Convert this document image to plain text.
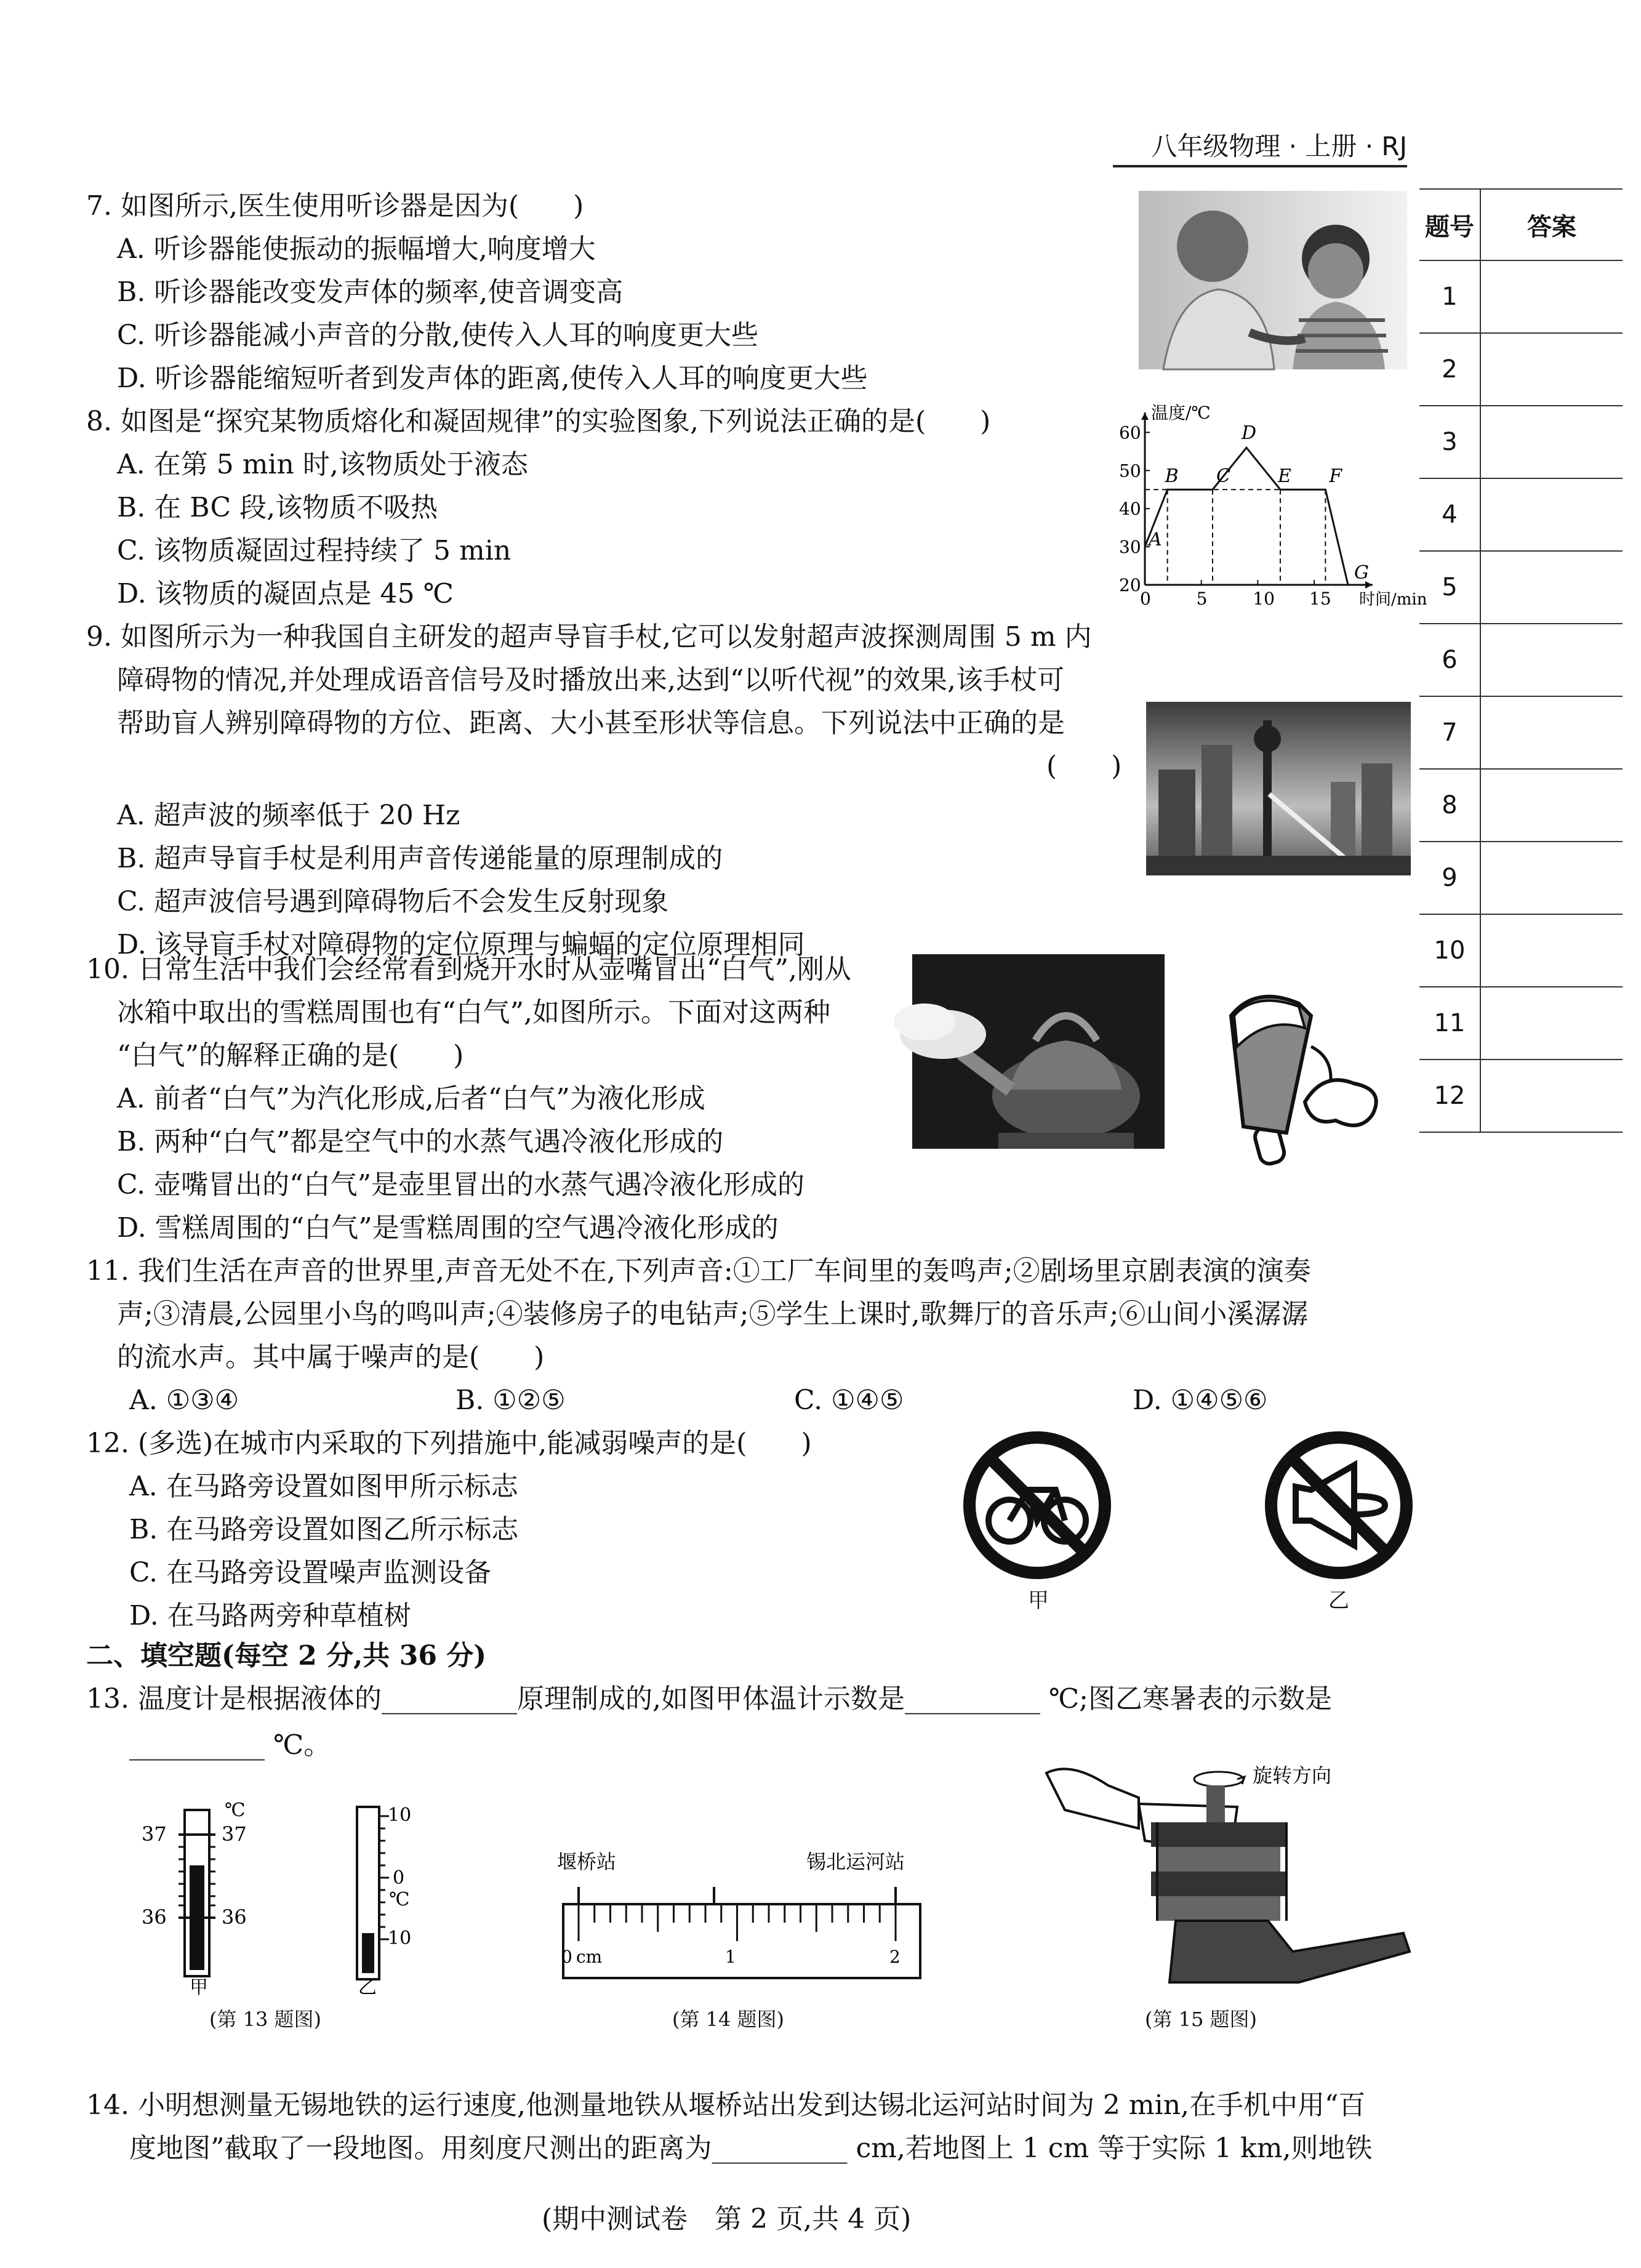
八年级物理 · 上册 · RJ
题号	答案
1	
2	
3	
4	
5	
6	
7	
8	
9	
10	
11	
12	
7. 如图所示,医生使用听诊器是因为(　　)
A. 听诊器能使振动的振幅增大,响度增大
B. 听诊器能改变发声体的频率,使音调变高
C. 听诊器能减小声音的分散,使传入人耳的响度更大些
D. 听诊器能缩短听者到发声体的距离,使传入人耳的响度更大些
8. 如图是“探究某物质熔化和凝固规律”的实验图象,下列说法正确的是(　　)
A. 在第 5 min 时,该物质处于液态
B. 在 BC 段,该物质不吸热
C. 该物质凝固过程持续了 5 min
D. 该物质的凝固点是 45 ℃	20
30
40
50
60
0	5	10 15
温度/℃
时间/min
A
B C
D
E F
G
9. 如图所示为一种我国自主研发的超声导盲手杖,它可以发射超声波探测周围 5 m 内
障碍物的情况,并处理成语音信号及时播放出来,达到“以听代视”的效果,该手杖可
帮助盲人辨别障碍物的方位、距离、大小甚至形状等信息。下列说法中正确的是
(　　)
A. 超声波的频率低于 20 Hz
B. 超声导盲手杖是利用声音传递能量的原理制成的
C. 超声波信号遇到障碍物后不会发生反射现象
D. 该导盲手杖对障碍物的定位原理与蝙蝠的定位原理相同
10. 日常生活中我们会经常看到烧开水时从壶嘴冒出“白气”,刚从
冰箱中取出的雪糕周围也有“白气”,如图所示。下面对这两种
“白气”的解释正确的是(　　)
A. 前者“白气”为汽化形成,后者“白气”为液化形成
B. 两种“白气”都是空气中的水蒸气遇冷液化形成的
C. 壶嘴冒出的“白气”是壶里冒出的水蒸气遇冷液化形成的
D. 雪糕周围的“白气”是雪糕周围的空气遇冷液化形成的
11. 我们生活在声音的世界里,声音无处不在,下列声音:①工厂车间里的轰鸣声;②剧场里京剧表演的演奏
声;③清晨,公园里小鸟的鸣叫声;④装修房子的电钻声;⑤学生上课时,歌舞厅的音乐声;⑥山间小溪潺潺
的流水声。其中属于噪声的是(　　)
A. ①③④	B. ①②⑤	C. ①④⑤	D. ①④⑤⑥
12. (多选)在城市内采取的下列措施中,能减弱噪声的是(　　)
A. 在马路旁设置如图甲所示标志
B. 在马路旁设置如图乙所示标志
C. 在马路旁设置噪声监测设备
D. 在马路两旁种草植树	甲	乙
二、填空题(每空 2 分,共 36 分)
13. 温度计是根据液体的__________原理制成的,如图甲体温计示数是__________ ℃;图乙寒暑表的示数是
__________ ℃。
℃
37	37
36	36
甲
10
0
℃
10
乙
(第 13 题图)
堰桥站	锡北运河站
0 cm	1	2
(第 14 题图)
旋转方向
(第 15 题图)
14. 小明想测量无锡地铁的运行速度,他测量地铁从堰桥站出发到达锡北运河站时间为 2 min,在手机中用“百
度地图”截取了一段地图。用刻度尺测出的距离为__________ cm,若地图上 1 cm 等于实际 1 km,则地铁
(期中测试卷　第 2 页,共 4 页)
